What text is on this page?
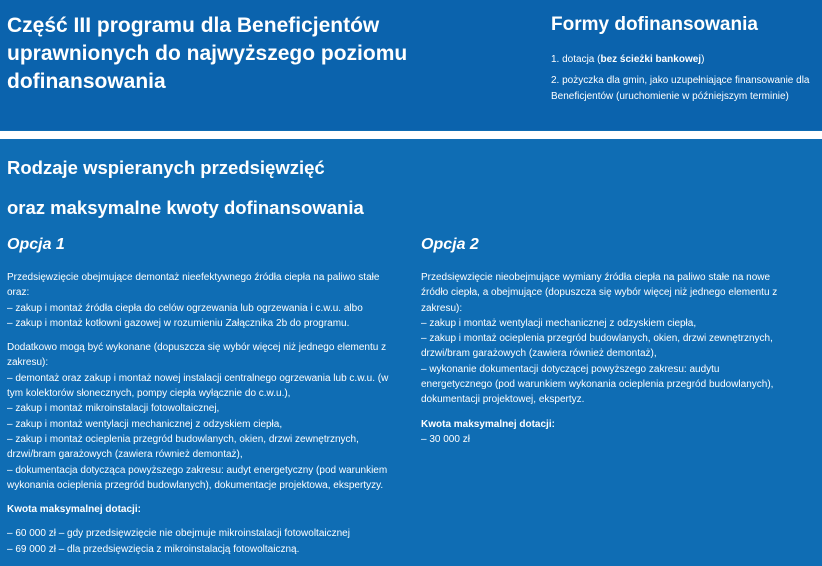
Część III programu dla Beneficjentów uprawnionych do najwyższego poziomu dofinansowania
Formy dofinansowania
1. dotacja (bez ścieżki bankowej)
2. pożyczka dla gmin, jako uzupełniające finansowanie dla Beneficjentów (uruchomienie w późniejszym terminie)
Rodzaje wspieranych przedsięwzięć
oraz maksymalne kwoty dofinansowania
Opcja 1	Opcja 2

Przedsięwzięcie obejmujące demontaż nieefektywnego źródła ciepła na paliwo stałe oraz:

– zakup i montaż źródła ciepła do celów ogrzewania lub ogrzewania i c.w.u. albo

– zakup i montaż kotłowni gazowej w rozumieniu Załącznika 2b do programu.

Dodatkowo mogą być wykonane (dopuszcza się wybór więcej niż jednego elementu z zakresu):

– demontaż oraz zakup i montaż nowej instalacji centralnego ogrzewania lub c.w.u. (w tym kolektorów słonecznych, pompy ciepła wyłącznie do c.w.u.),

– zakup i montaż mikroinstalacji fotowoltaicznej,

– zakup i montaż wentylacji mechanicznej z odzyskiem ciepła,

– zakup i montaż ocieplenia przegród budowlanych, okien, drzwi zewnętrznych, drzwi/bram garażowych (zawiera również demontaż),

– dokumentacja dotycząca powyższego zakresu: audyt energetyczny (pod warunkiem wykonania ocieplenia przegród budowlanych), dokumentacje projektowa, ekspertyzy.

Kwota maksymalnej dotacji:

– 60 000 zł – gdy przedsięwzięcie nie obejmuje mikroinstalacji fotowoltaicznej

– 69 000 zł – dla przedsięwzięcia z mikroinstalacją fotowoltaiczną.

Przedsięwzięcie nieobejmujące wymiany źródła ciepła na paliwo stałe na nowe źródło ciepła, a obejmujące (dopuszcza się wybór więcej niż jednego elementu z zakresu):

– zakup i montaż wentylacji mechanicznej z odzyskiem ciepła,

– zakup i montaż ocieplenia przegród budowlanych, okien, drzwi zewnętrznych, drzwi/bram garażowych (zawiera również demontaż),

– wykonanie dokumentacji dotyczącej powyższego zakresu: audytu energetycznego (pod warunkiem wykonania ocieplenia przegród budowlanych), dokumentacji projektowej, ekspertyz.

Kwota maksymalnej dotacji:

– 30 000 zł
